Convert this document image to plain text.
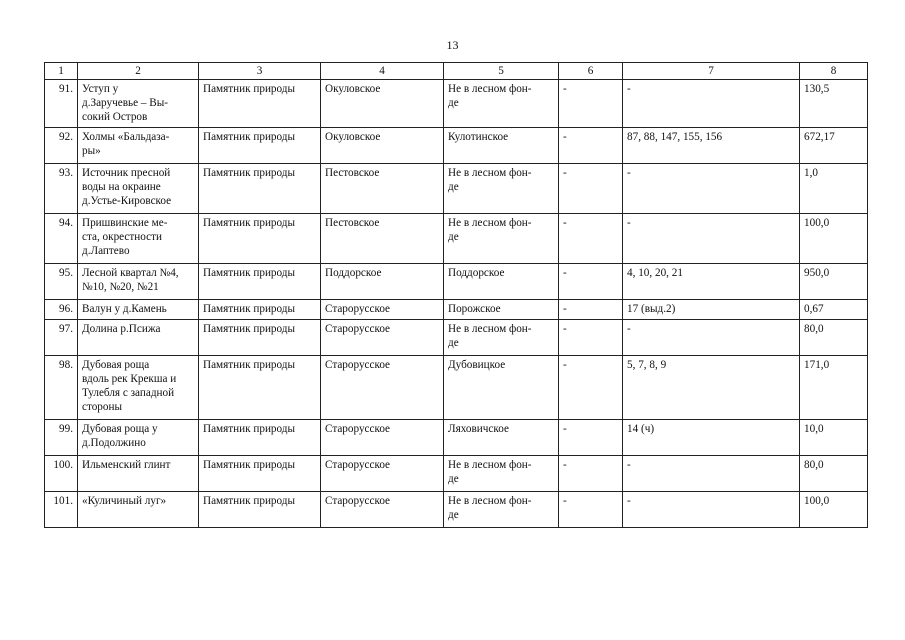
13
1	2	3	4	5	6	7	8
91.	Уступ у
д.Заручевье – Вы-
сокий Остров	Памятник природы	Окуловское	Не в лесном фон-
де	-	-	130,5
92.	Холмы «Бальдаза-
ры»	Памятник природы	Окуловское	Кулотинское	-	87, 88, 147, 155, 156	672,17
93.	Источник пресной
воды на окраине
д.Устье-Кировское	Памятник природы	Пестовское	Не в лесном фон-
де	-	-	1,0
94.	Пришвинские ме-
ста, окрестности
д.Лаптево	Памятник природы	Пестовское	Не в лесном фон-
де	-	-	100,0
95.	Лесной квартал №4,
№10, №20, №21	Памятник природы	Поддорское	Поддорское	-	4, 10, 20, 21	950,0
96.	Валун у д.Камень	Памятник природы	Старорусское	Порожское	-	17 (выд.2)	0,67
97.	Долина р.Псижа	Памятник природы	Старорусское	Не в лесном фон-
де	-	-	80,0
98.	Дубовая роща
вдоль рек Крекша и
Тулебля с западной
стороны	Памятник природы	Старорусское	Дубовицкое	-	5, 7, 8, 9	171,0
99.	Дубовая роща у
д.Подолжино	Памятник природы	Старорусское	Ляховичское	-	14 (ч)	10,0
100.	Ильменский глинт	Памятник природы	Старорусское	Не в лесном фон-
де	-	-	80,0
101.	«Куличиный луг»	Памятник природы	Старорусское	Не в лесном фон-
де	-	-	100,0
